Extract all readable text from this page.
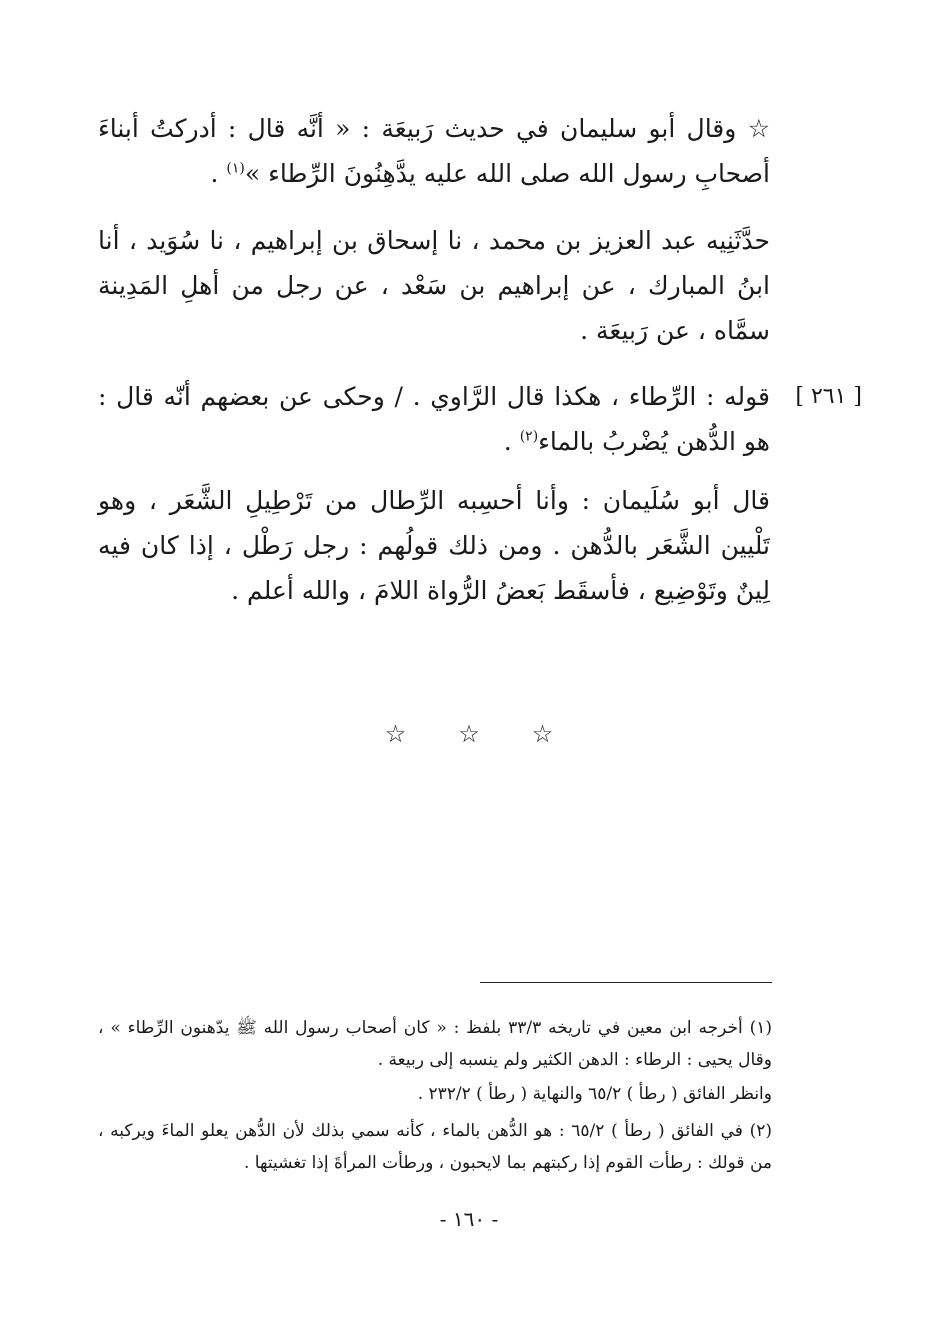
☆ وقال أبو سليمان في حديث رَبيعَة : « أنَّه قال : أدركتُ أبناءَ أصحابِ رسول الله صلى الله عليه يدَّهِنُونَ الرِّطاء »$^{(١)}$ .
حدَّثَنِيه عبد العزيز بن محمد ، نا إسحاق بن إبراهيم ، نا سُوَيد ، أنا ابنُ المبارك ، عن إبراهيم بن سَعْد ، عن رجل من أهلِ المَدِينة سمَّاه ، عن رَبيعَة .
[ ٢٦١ ]
قوله : الرِّطاء ، هكذا قال الرَّاوي . / وحكى عن بعضهم أنّه قال : هو الدُّهن يُضْربُ بالماء$^{(٢)}$ .
قال أبو سُلَيمان : وأنا أحسِبه الرِّطال من تَرْطِيلِ الشَّعَر ، وهو تَلْيين الشَّعَر بالدُّهن . ومن ذلك قولُهم : رجل رَطْل ، إذا كان فيه لِينٌ وتَوْضِيع ، فأسقَط بَعضُ الرُّواة اللامَ ، والله أعلم .
☆ ☆ ☆
(١) أخرجه ابن معين في تاريخه ٣٣/٣ بلفظ : « كان أصحاب رسول الله ﷺ يدّهنون الرِّطاء » ، وقال يحيى : الرطاء : الدهن الكثير ولم ينسبه إلى ربيعة .
وانظر الفائق ( رطأ ) ٦٥/٢ والنهاية ( رطأ ) ٢٣٢/٢ .
(٢) في الفائق ( رطأ ) ٦٥/٢ : هو الدُّهن بالماء ، كأنه سمي بذلك لأن الدُّهن يعلو الماءَ ويركبه ، من قولك : رطأت القوم إذا ركبتهم بما لايحبون ، ورطأت المرأةَ إذا تغشيتها .
- ١٦٠ -
